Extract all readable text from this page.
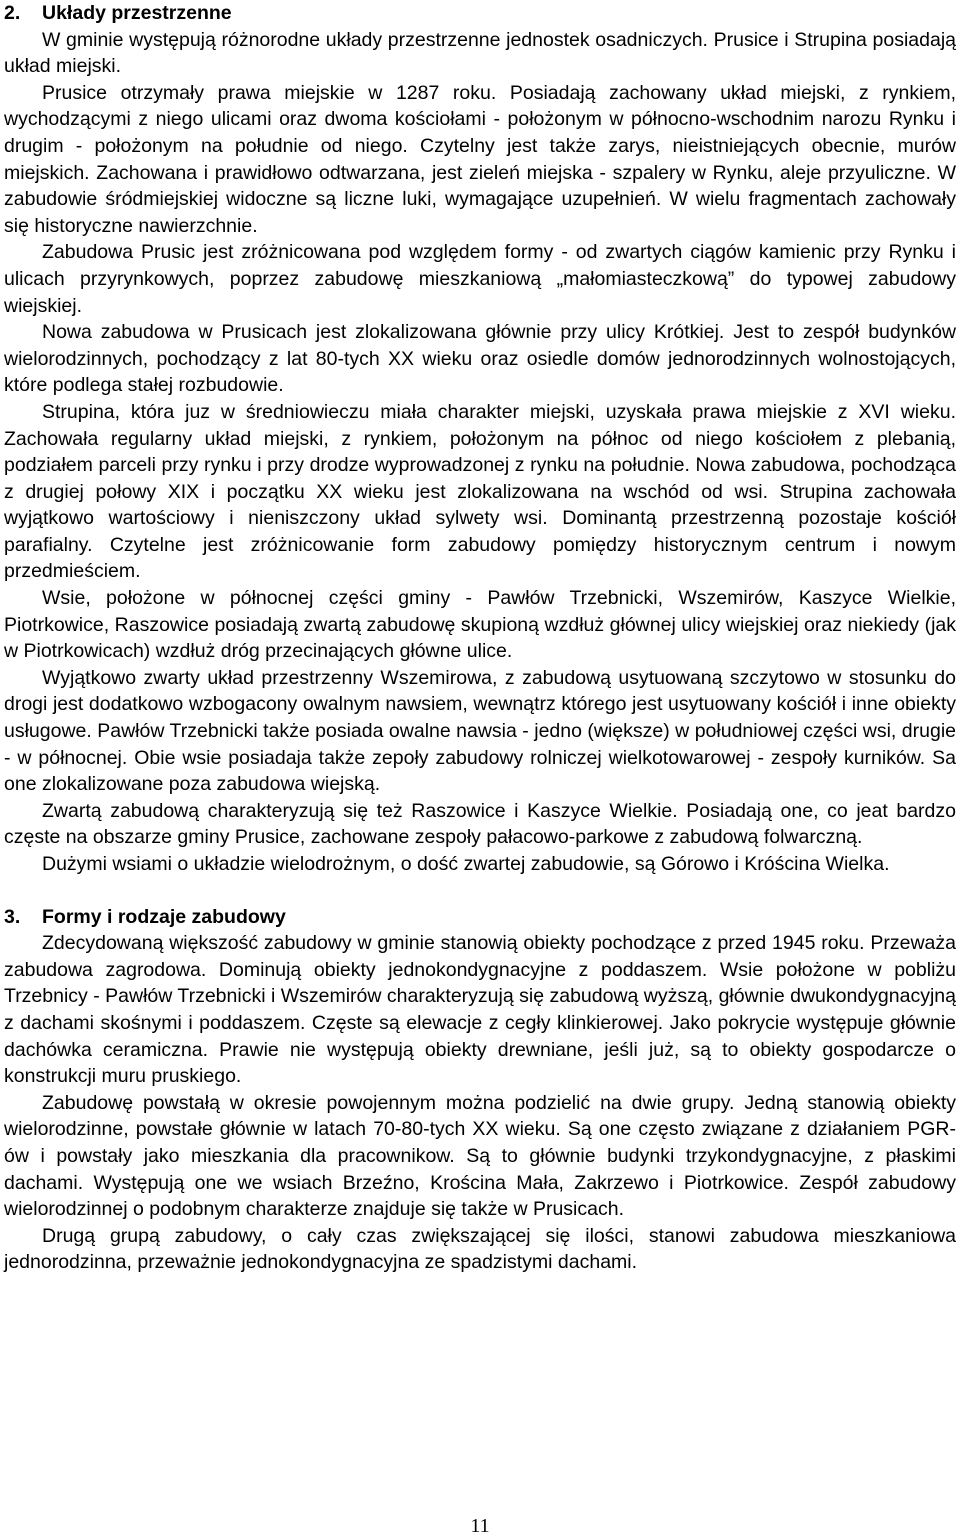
2.	Układy przestrzenne

W gminie występują różnorodne układy przestrzenne jednostek osadniczych. Prusice i Strupina posiadają układ miejski.

Prusice otrzymały prawa miejskie w 1287 roku. Posiadają zachowany układ miejski, z rynkiem, wychodzącymi z niego ulicami oraz dwoma kościołami - położonym w północno-wschodnim narozu Rynku i drugim - położonym na południe od niego. Czytelny jest także zarys, nieistniejących obecnie, murów miejskich. Zachowana i prawidłowo odtwarzana, jest zieleń miejska - szpalery w Rynku, aleje przyuliczne. W zabudowie śródmiejskiej widoczne są liczne luki, wymagające uzupełnień. W wielu fragmentach zachowały się historyczne nawierzchnie.

Zabudowa Prusic jest zróżnicowana pod względem formy - od zwartych ciągów kamienic przy Rynku i ulicach przyrynkowych, poprzez zabudowę mieszkaniową „małomiasteczkową” do typowej zabudowy wiejskiej.

Nowa zabudowa w Prusicach jest zlokalizowana głównie przy ulicy Krótkiej. Jest to zespół budynków wielorodzinnych, pochodzący z lat 80-tych XX wieku oraz osiedle domów jednorodzinnych wolnostojących, które podlega stałej rozbudowie.

Strupina, która juz w średniowieczu miała charakter miejski, uzyskała prawa miejskie z XVI wieku. Zachowała regularny układ miejski, z rynkiem, położonym na północ od niego kościołem z plebanią, podziałem parceli przy rynku i przy drodze wyprowadzonej z rynku na południe. Nowa zabudowa, pochodząca z drugiej połowy XIX i początku XX wieku jest zlokalizowana na wschód od wsi. Strupina zachowała wyjątkowo wartościowy i nieniszczony układ sylwety wsi. Dominantą przestrzenną pozostaje kościół parafialny. Czytelne jest zróżnicowanie form zabudowy pomiędzy historycznym centrum i nowym przedmieściem.

Wsie, położone w północnej części gminy - Pawłów Trzebnicki, Wszemirów, Kaszyce Wielkie, Piotrkowice, Raszowice posiadają zwartą zabudowę skupioną wzdłuż głównej ulicy wiejskiej oraz niekiedy (jak w Piotrkowicach) wzdłuż dróg przecinających główne ulice.

Wyjątkowo zwarty układ przestrzenny Wszemirowa, z zabudową usytuowaną szczytowo w stosunku do drogi jest dodatkowo wzbogacony owalnym nawsiem, wewnątrz którego jest usytuowany kościół i inne obiekty usługowe. Pawłów Trzebnicki także posiada owalne nawsia - jedno (większe) w południowej części wsi, drugie - w północnej. Obie wsie posiadaja także zepoły zabudowy rolniczej wielkotowarowej - zespoły kurników. Sa one zlokalizowane poza zabudowa wiejską.

Zwartą zabudową charakteryzują się też Raszowice i Kaszyce Wielkie. Posiadają one, co jeat bardzo częste na obszarze gminy Prusice, zachowane zespoły pałacowo-parkowe z zabudową folwarczną.

Dużymi wsiami o układzie wielodrożnym, o dość zwartej zabudowie, są Górowo i Króścina Wielka.

3.	Formy i rodzaje zabudowy

Zdecydowaną większość zabudowy w gminie stanowią obiekty pochodzące z przed 1945 roku. Przeważa zabudowa zagrodowa. Dominują obiekty jednokondygnacyjne z poddaszem. Wsie położone w pobliżu Trzebnicy - Pawłów Trzebnicki i Wszemirów charakteryzują się zabudową wyższą, głównie dwukondygnacyjną z dachami skośnymi i poddaszem. Częste są elewacje z cegły klinkierowej. Jako pokrycie występuje głównie dachówka ceramiczna. Prawie nie występują obiekty drewniane, jeśli już, są to obiekty gospodarcze o konstrukcji muru pruskiego.

Zabudowę powstałą w okresie powojennym można podzielić na dwie grupy. Jedną stanowią obiekty wielorodzinne, powstałe głównie w latach 70-80-tych XX wieku. Są one często związane z działaniem PGR-ów i powstały jako mieszkania dla pracownikow. Są to głównie budynki trzykondygnacyjne, z płaskimi dachami. Występują one we wsiach Brzeźno, Krościna Mała, Zakrzewo i Piotrkowice. Zespół zabudowy wielorodzinnej o podobnym charakterze znajduje się także w Prusicach.

Drugą grupą zabudowy, o cały czas zwiększającej się ilości, stanowi zabudowa mieszkaniowa jednorodzinna, przeważnie jednokondygnacyjna ze spadzistymi dachami.

11
